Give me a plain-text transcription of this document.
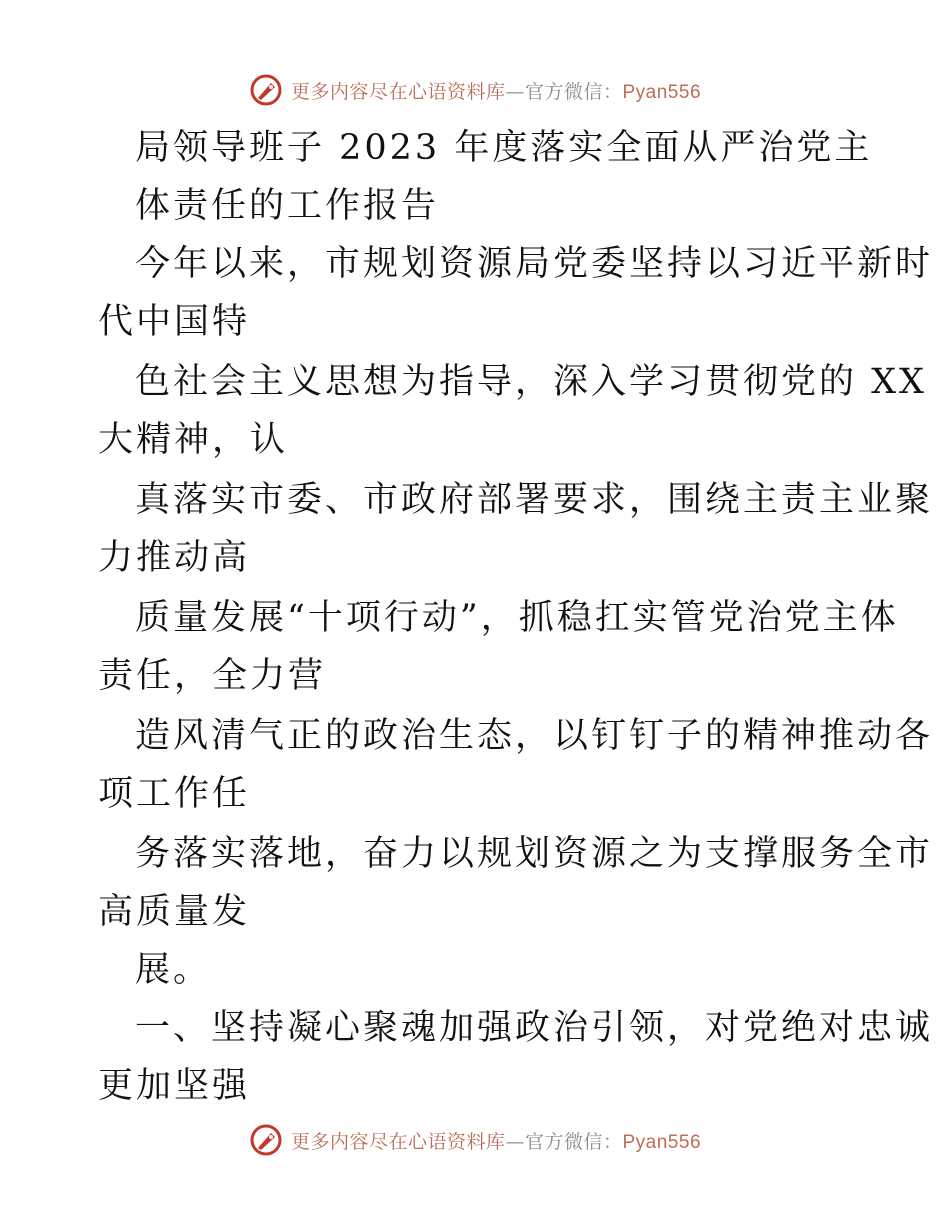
更多内容尽在心语资料库—官方微信：Pyan556
局领导班子 2023 年度落实全面从严治党主
体责任的工作报告
今年以来，市规划资源局党委坚持以习近平新时
代中国特
色社会主义思想为指导，深入学习贯彻党的 XX
大精神，认
真落实市委、市政府部署要求，围绕主责主业聚
力推动高
质量发展“十项行动”，抓稳扛实管党治党主体
责任，全力营
造风清气正的政治生态，以钉钉子的精神推动各
项工作任
务落实落地，奋力以规划资源之为支撑服务全市
高质量发
展。
一、坚持凝心聚魂加强政治引领，对党绝对忠诚
更加坚强
更多内容尽在心语资料库—官方微信：Pyan556
